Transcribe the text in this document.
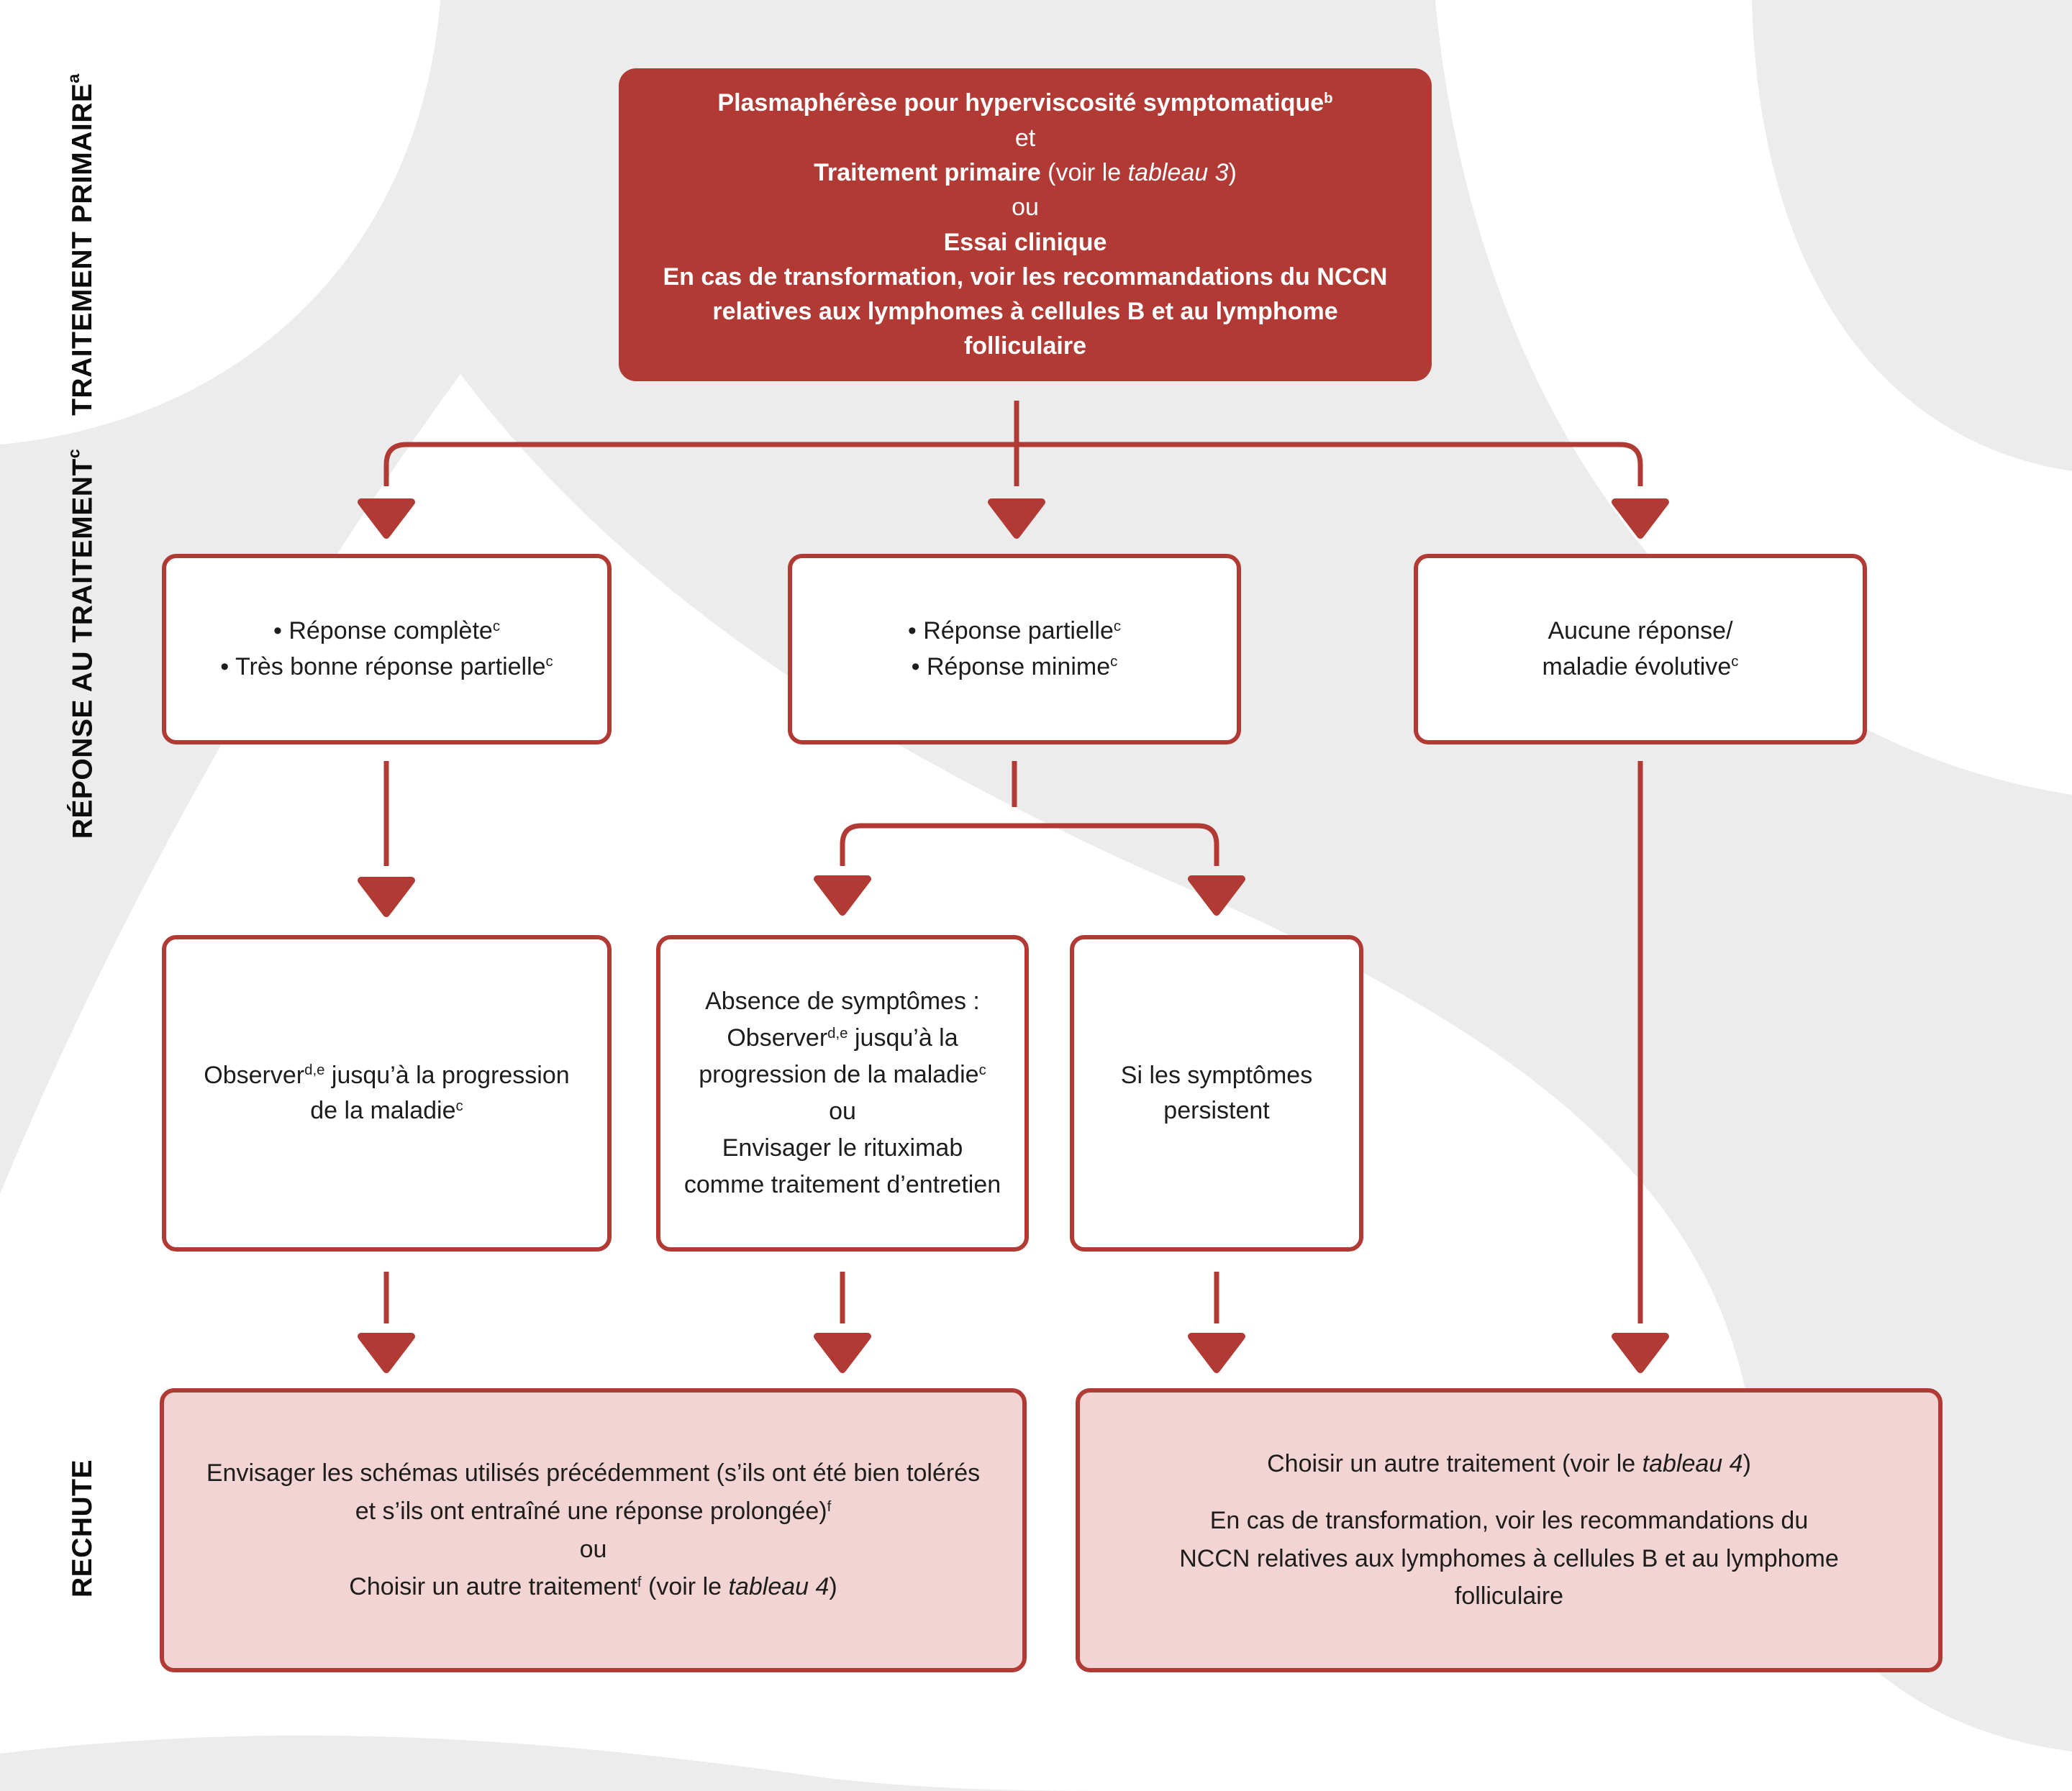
TRAITEMENT PRIMAIRE
$^a$
RÉPONSE AU TRAITEMENT
$^c$
RECHUTE
Plasmaphérèse pour hyperviscosité symptomatique$^b$
et
Traitement primaire (voir le tableau 3)
ou
Essai clinique
En cas de transformation, voir les recommandations du NCCN relatives aux lymphomes à cellules B et au lymphome folliculaire
• Réponse complète$^c$
• Très bonne réponse partielle$^c$
• Réponse partielle$^c$
• Réponse minime$^c$
Aucune réponse/
maladie évolutive$^c$
Observer$^{d,e}$ jusqu’à la progression de la maladie$^c$
Absence de symptômes :
Observer$^{d,e}$ jusqu’à la progression de la maladie$^c$
ou
Envisager le rituximab comme traitement d’entretien
Si les symptômes persistent
Envisager les schémas utilisés précédemment (s’ils ont été bien tolérés et s’ils ont entraîné une réponse prolongée)$^f$
ou
Choisir un autre traitement$^f$ (voir le tableau 4)

Choisir un autre traitement (voir le tableau 4)

En cas de transformation, voir les recommandations du NCCN relatives aux lymphomes à cellules B et au lymphome folliculaire
